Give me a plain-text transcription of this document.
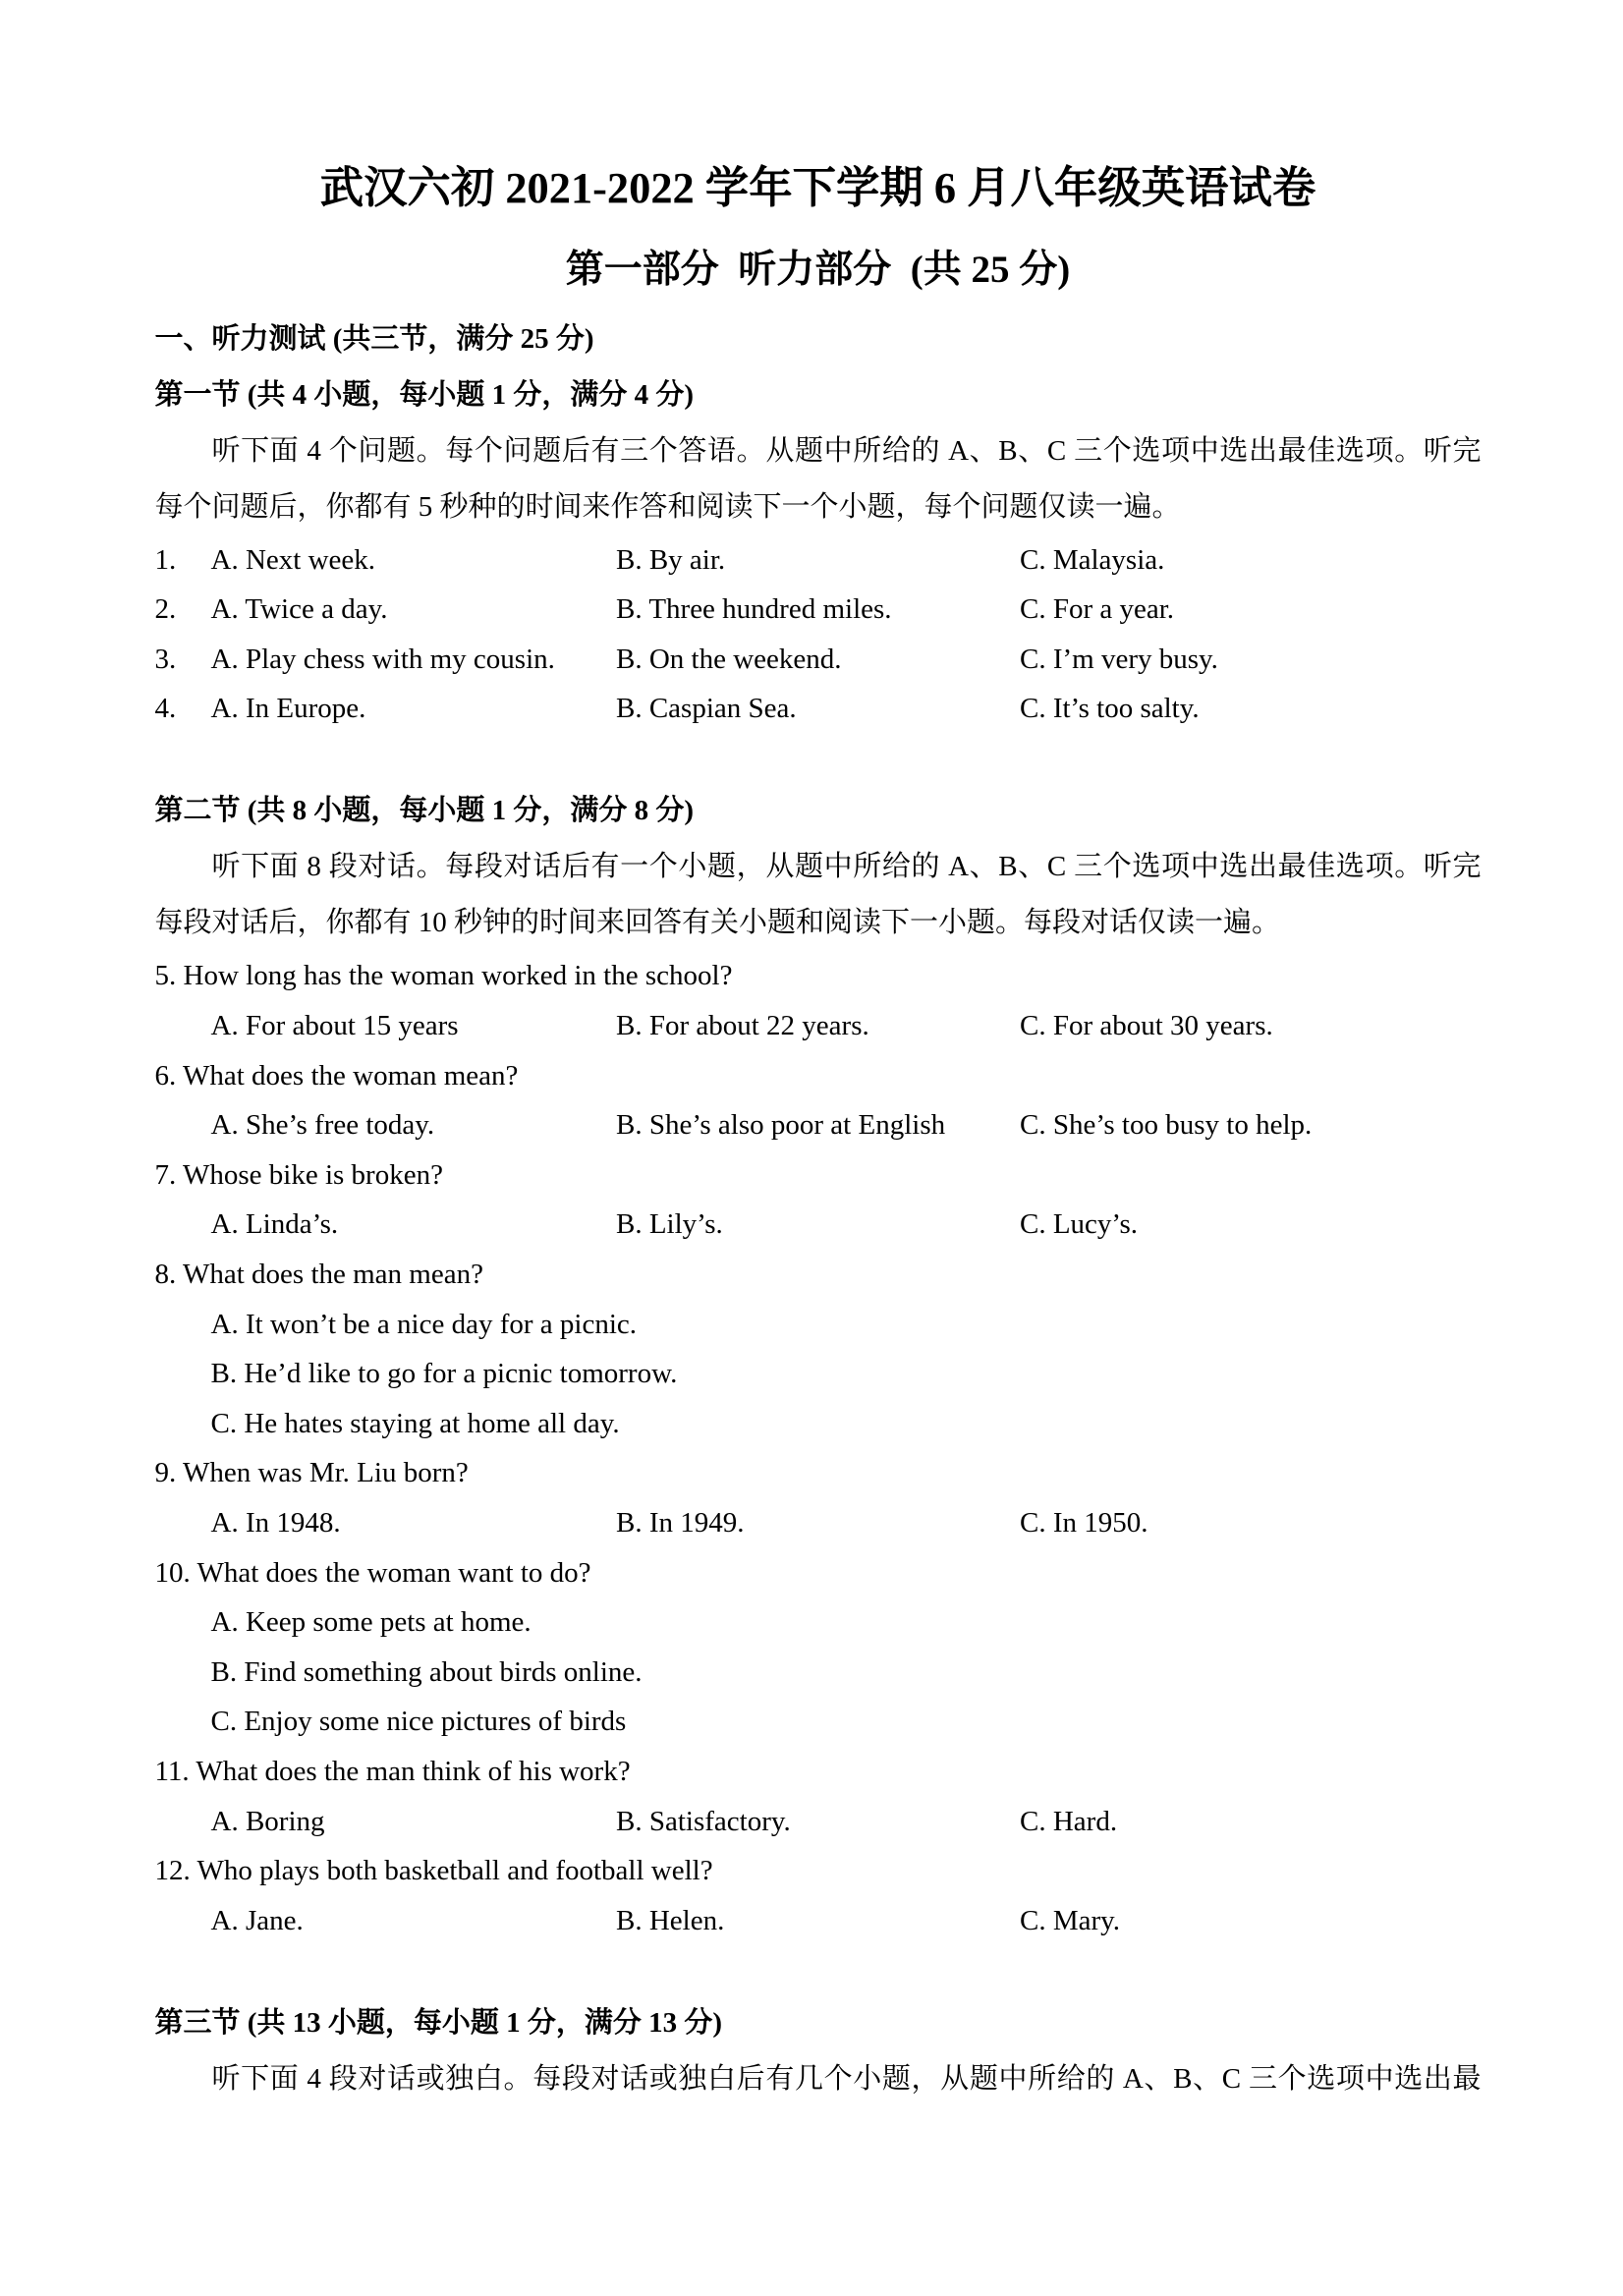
武汉六初 2021-2022 学年下学期 6 月八年级英语试卷
第一部分  听力部分  (共 25 分)
一、听力测试 (共三节，满分 25 分)
第一节 (共 4 小题，每小题 1 分，满分 4 分)
听下面 4 个问题。每个问题后有三个答语。从题中所给的 A、B、C 三个选项中选出最佳选项。听完
每个问题后，你都有 5 秒种的时间来作答和阅读下一个小题，每个问题仅读一遍。
1. A. Next week.	B. By air.	C. Malaysia.
2. A. Twice a day.	B. Three hundred miles.	C. For a year.
3. A. Play chess with my cousin. B. On the weekend.	C. I’m very busy.
4. A. In Europe.	B. Caspian Sea.	C. It’s too salty.
第二节 (共 8 小题，每小题 1 分，满分 8 分)
听下面 8 段对话。每段对话后有一个小题，从题中所给的 A、B、C 三个选项中选出最佳选项。听完
每段对话后，你都有 10 秒钟的时间来回答有关小题和阅读下一小题。每段对话仅读一遍。
5. How long has the woman worked in the school?
A. For about 15 years	B. For about 22 years.	C. For about 30 years.
6. What does the woman mean?
A. She’s free today.	B. She’s also poor at English	C. She’s too busy to help.
7. Whose bike is broken?
A. Linda’s.	B. Lily’s.	C. Lucy’s.
8. What does the man mean?
A. It won’t be a nice day for a picnic.
B. He’d like to go for a picnic tomorrow.
C. He hates staying at home all day.
9. When was Mr. Liu born?
A. In 1948.	B. In 1949.	C. In 1950.
10. What does the woman want to do?
A. Keep some pets at home.
B. Find something about birds online.
C. Enjoy some nice pictures of birds
11. What does the man think of his work?
A. Boring	B. Satisfactory.	C. Hard.
12. Who plays both basketball and football well?
A. Jane.	B. Helen.	C. Mary.
第三节 (共 13 小题，每小题 1 分，满分 13 分)
听下面 4 段对话或独白。每段对话或独白后有几个小题，从题中所给的 A、B、C 三个选项中选出最
